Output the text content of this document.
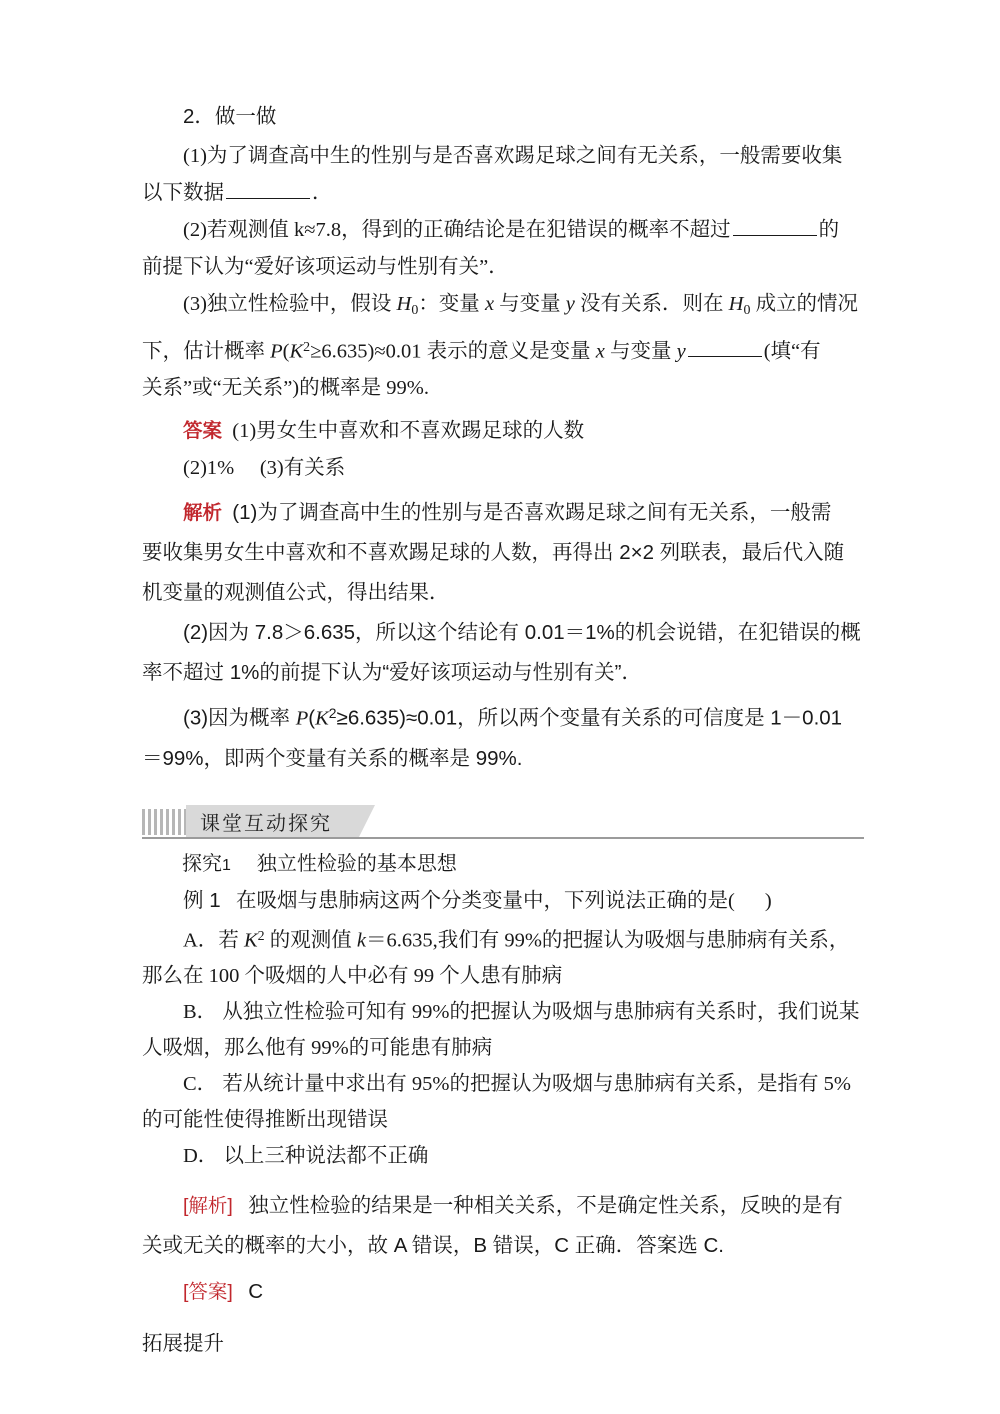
2．做一做

(1)为了调查高中生的性别与是否喜欢踢足球之间有无关系，一般需要收集

以下数据	．

(2)若观测值 k≈7.8，得到的正确结论是在犯错误的概率不超过	的

前提下认为“爱好该项运动与性别有关”．

(3)独立性检验中，假设 $H_0$：变量 x 与变量 y 没有关系．则在 $H_0$ 成立的情况

下，估计概率 $P(K^2\ge 6.635)\approx 0.01$ 表示的意义是变量 x 与变量 y	(填“有

关系”或“无关系”)的概率是 99%.

答案 (1)男女生中喜欢和不喜欢踢足球的人数

(2)1%　 (3)有关系

解析 (1)为了调查高中生的性别与是否喜欢踢足球之间有无关系，一般需

要收集男女生中喜欢和不喜欢踢足球的人数，再得出 2×2 列联表，最后代入随

机变量的观测值公式，得出结果．

(2)因为 7.8＞6.635，所以这个结论有 0.01＝1%的机会说错，在犯错误的概

率不超过 1%的前提下认为“爱好该项运动与性别有关”．

(3)因为概率 $P(K^2\ge 6.635)\approx 0.01$，所以两个变量有关系的可信度是 1－0.01

＝99%，即两个变量有关系的概率是 99%.

课堂互动探究

探究1 独立性检验的基本思想

例 1 在吸烟与患肺病这两个分类变量中，下列说法正确的是( )

A．若 $K^2$ 的观测值 k＝6.635,我们有 99%的把握认为吸烟与患肺病有关系，

那么在 100 个吸烟的人中必有 99 个人患有肺病

B． 从独立性检验可知有 99%的把握认为吸烟与患肺病有关系时，我们说某

人吸烟，那么他有 99%的可能患有肺病

C． 若从统计量中求出有 95%的把握认为吸烟与患肺病有关系，是指有 5%

的可能性使得推断出现错误

D． 以上三种说法都不正确

[解析] 独立性检验的结果是一种相关关系，不是确定性关系，反映的是有

关或无关的概率的大小，故 A 错误，B 错误，C 正确．答案选 C.

[答案] C

拓展提升
